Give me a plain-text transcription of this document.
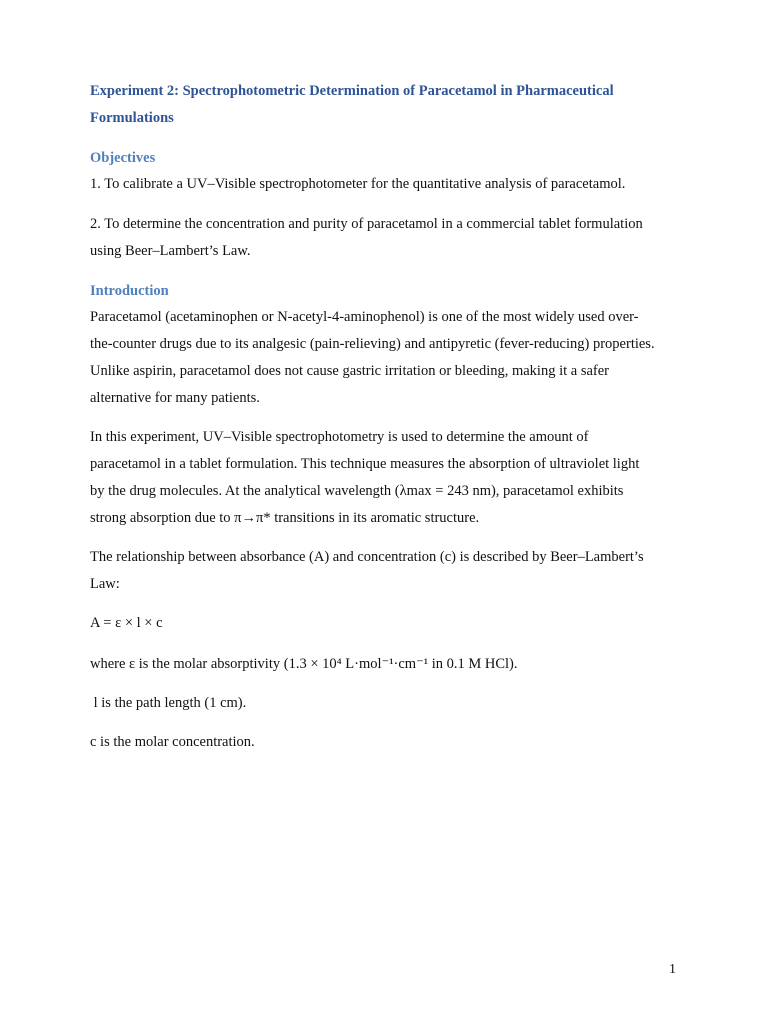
Experiment 2: Spectrophotometric Determination of Paracetamol in Pharmaceutical
Formulations
Objectives

1. To calibrate a UV–Visible spectrophotometer for the quantitative analysis of paracetamol.

2. To determine the concentration and purity of paracetamol in a commercial tablet formulation
using Beer–Lambert’s Law.

Introduction

Paracetamol (acetaminophen or N-acetyl-4-aminophenol) is one of the most widely used over-
the-counter drugs due to its analgesic (pain-relieving) and antipyretic (fever-reducing) properties.
Unlike aspirin, paracetamol does not cause gastric irritation or bleeding, making it a safer
alternative for many patients.

In this experiment, UV–Visible spectrophotometry is used to determine the amount of
paracetamol in a tablet formulation. This technique measures the absorption of ultraviolet light
by the drug molecules. At the analytical wavelength (λmax = 243 nm), paracetamol exhibits
strong absorption due to π→π* transitions in its aromatic structure.

The relationship between absorbance (A) and concentration (c) is described by Beer–Lambert’s
Law:

A = ε × l × c

where ε is the molar absorptivity (1.3 × 10⁴ L·mol⁻¹·cm⁻¹ in 0.1 M HCl).

l is the path length (1 cm).

c is the molar concentration.

1
